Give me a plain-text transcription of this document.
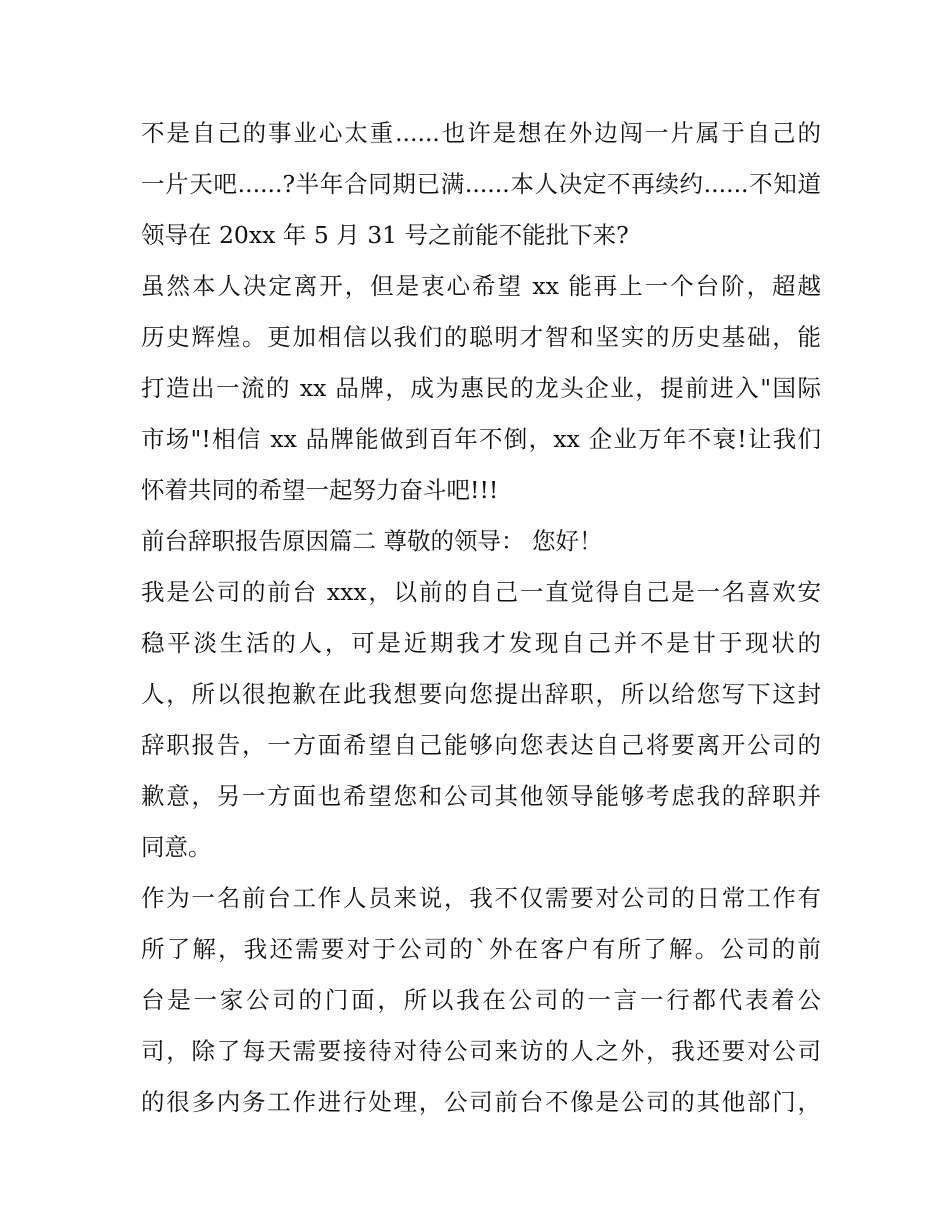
不是自己的事业心太重......也许是想在外边闯一片属于自己的
一片天吧......?半年合同期已满......本人决定不再续约......不知道
领导在 20xx 年 5 月 31 号之前能不能批下来?
虽然本人决定离开，但是衷心希望 xx 能再上一个台阶，超越
历史辉煌。更加相信以我们的聪明才智和坚实的历史基础，能
打造出一流的 xx 品牌，成为惠民的龙头企业，提前进入"国际
市场"!相信 xx 品牌能做到百年不倒，xx 企业万年不衰!让我们
怀着共同的希望一起努力奋斗吧!!!
前台辞职报告原因篇二 尊敬的领导： 您好！
我是公司的前台 xxx，以前的自己一直觉得自己是一名喜欢安
稳平淡生活的人，可是近期我才发现自己并不是甘于现状的
人，所以很抱歉在此我想要向您提出辞职，所以给您写下这封
辞职报告，一方面希望自己能够向您表达自己将要离开公司的
歉意，另一方面也希望您和公司其他领导能够考虑我的辞职并
同意。
作为一名前台工作人员来说，我不仅需要对公司的日常工作有
所了解，我还需要对于公司的`外在客户有所了解。公司的前
台是一家公司的门面，所以我在公司的一言一行都代表着公
司，除了每天需要接待对待公司来访的人之外，我还要对公司
的很多内务工作进行处理，公司前台不像是公司的其他部门，
